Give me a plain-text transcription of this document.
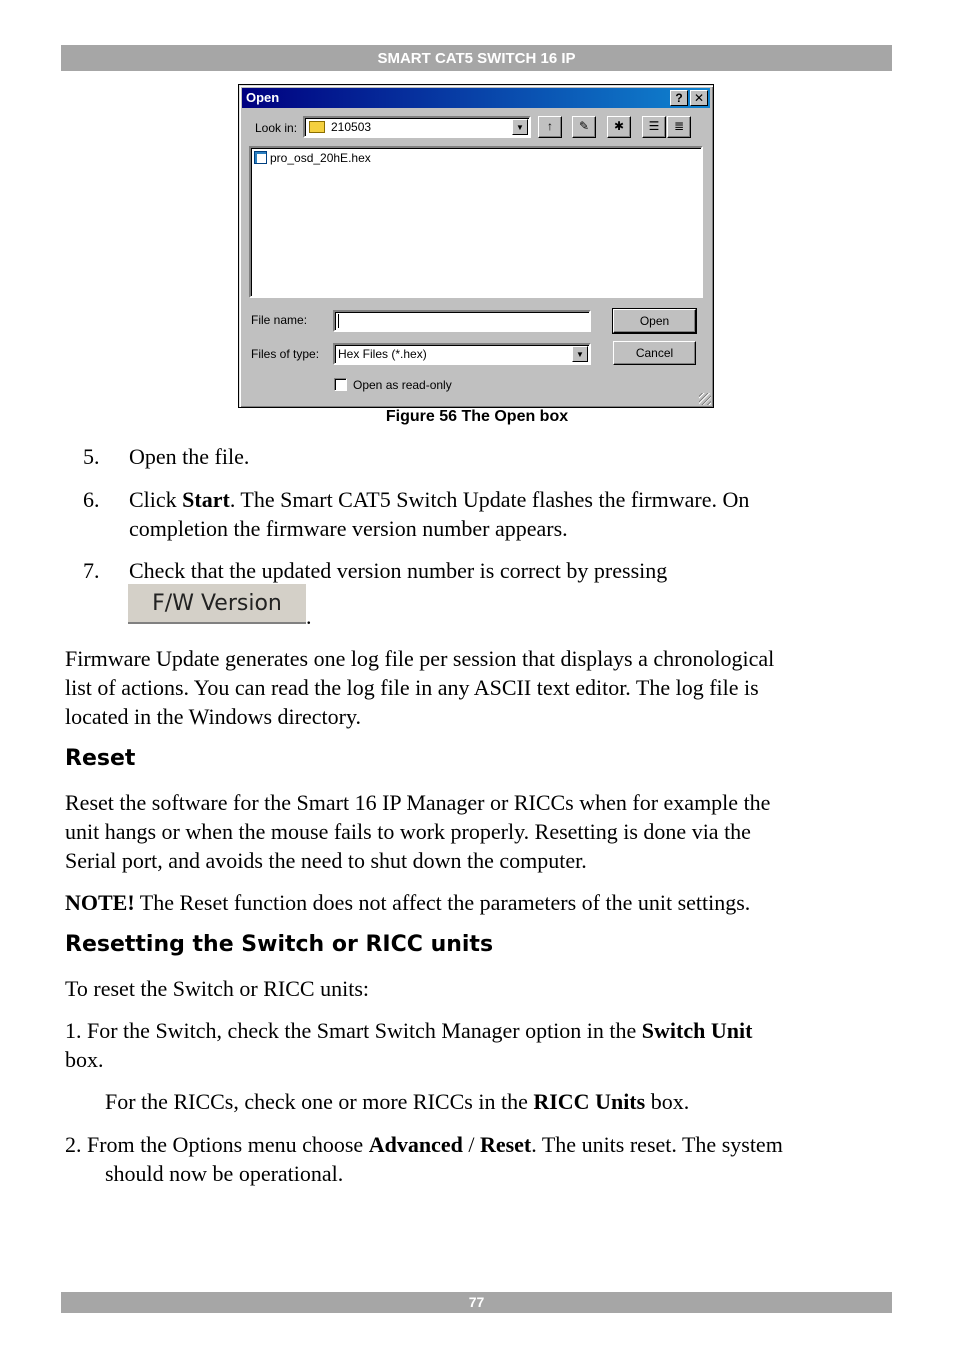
SMART CAT5 SWITCH 16 IP
Open	? ✕
Look in:	210503	▼	↑	✎	✱	☰	≣
pro_osd_20hE.hex
File name:
Files of type: Hex Files (*.hex)	▼
Open
Cancel
Open as read-only
Figure 56 The Open box
5. Open the file.
6. Click Start. The Smart CAT5 Switch Update flashes the firmware. On
completion the firmware version number appears.
7. Check that the updated version number is correct by pressing
F/W Version
.
Firmware Update generates one log file per session that displays a chronological
list of actions. You can read the log file in any ASCII text editor. The log file is
located in the Windows directory.
Reset
Reset the software for the Smart 16 IP Manager or RICCs when for example the
unit hangs or when the mouse fails to work properly. Resetting is done via the
Serial port, and avoids the need to shut down the computer.
NOTE! The Reset function does not affect the parameters of the unit settings.
Resetting the Switch or RICC units
To reset the Switch or RICC units:
1. For the Switch, check the Smart Switch Manager option in the Switch Unit
box.
For the RICCs, check one or more RICCs in the RICC Units box.
2. From the Options menu choose Advanced / Reset. The units reset. The system
should now be operational.
77
